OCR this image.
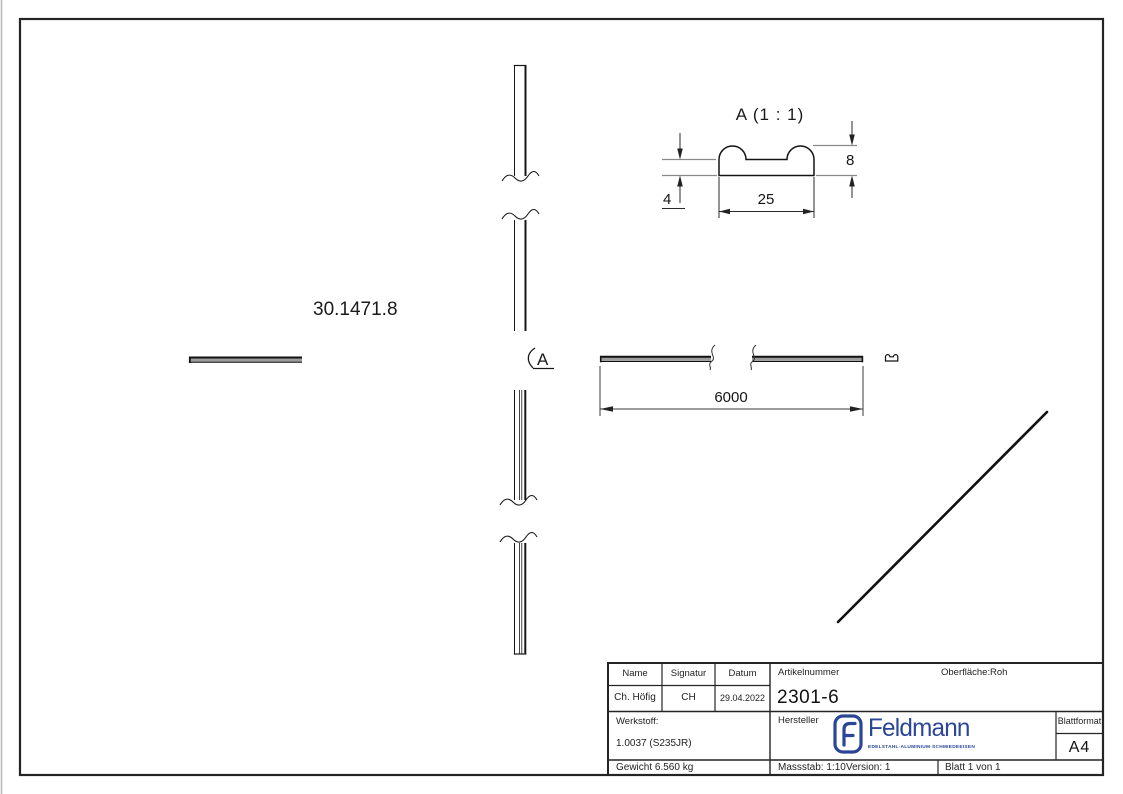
30.1471.8
A (1 : 1)
8
4	25
6000
A
Name	Signatur	Datum
Ch. Höfig	CH	29.04.2022
Artikelnummer
2301-6
Oberfläche: Roh
Werkstoff:
1.0037 (S235JR)
Hersteller Feldmann
EDELSTAHL·ALUMINIUM·SCHMIEDEEISEN
Blattformat
A4
Gewicht 6.560 kg	Massstab: 1:10 Version: 1	Blatt 1 von 1
